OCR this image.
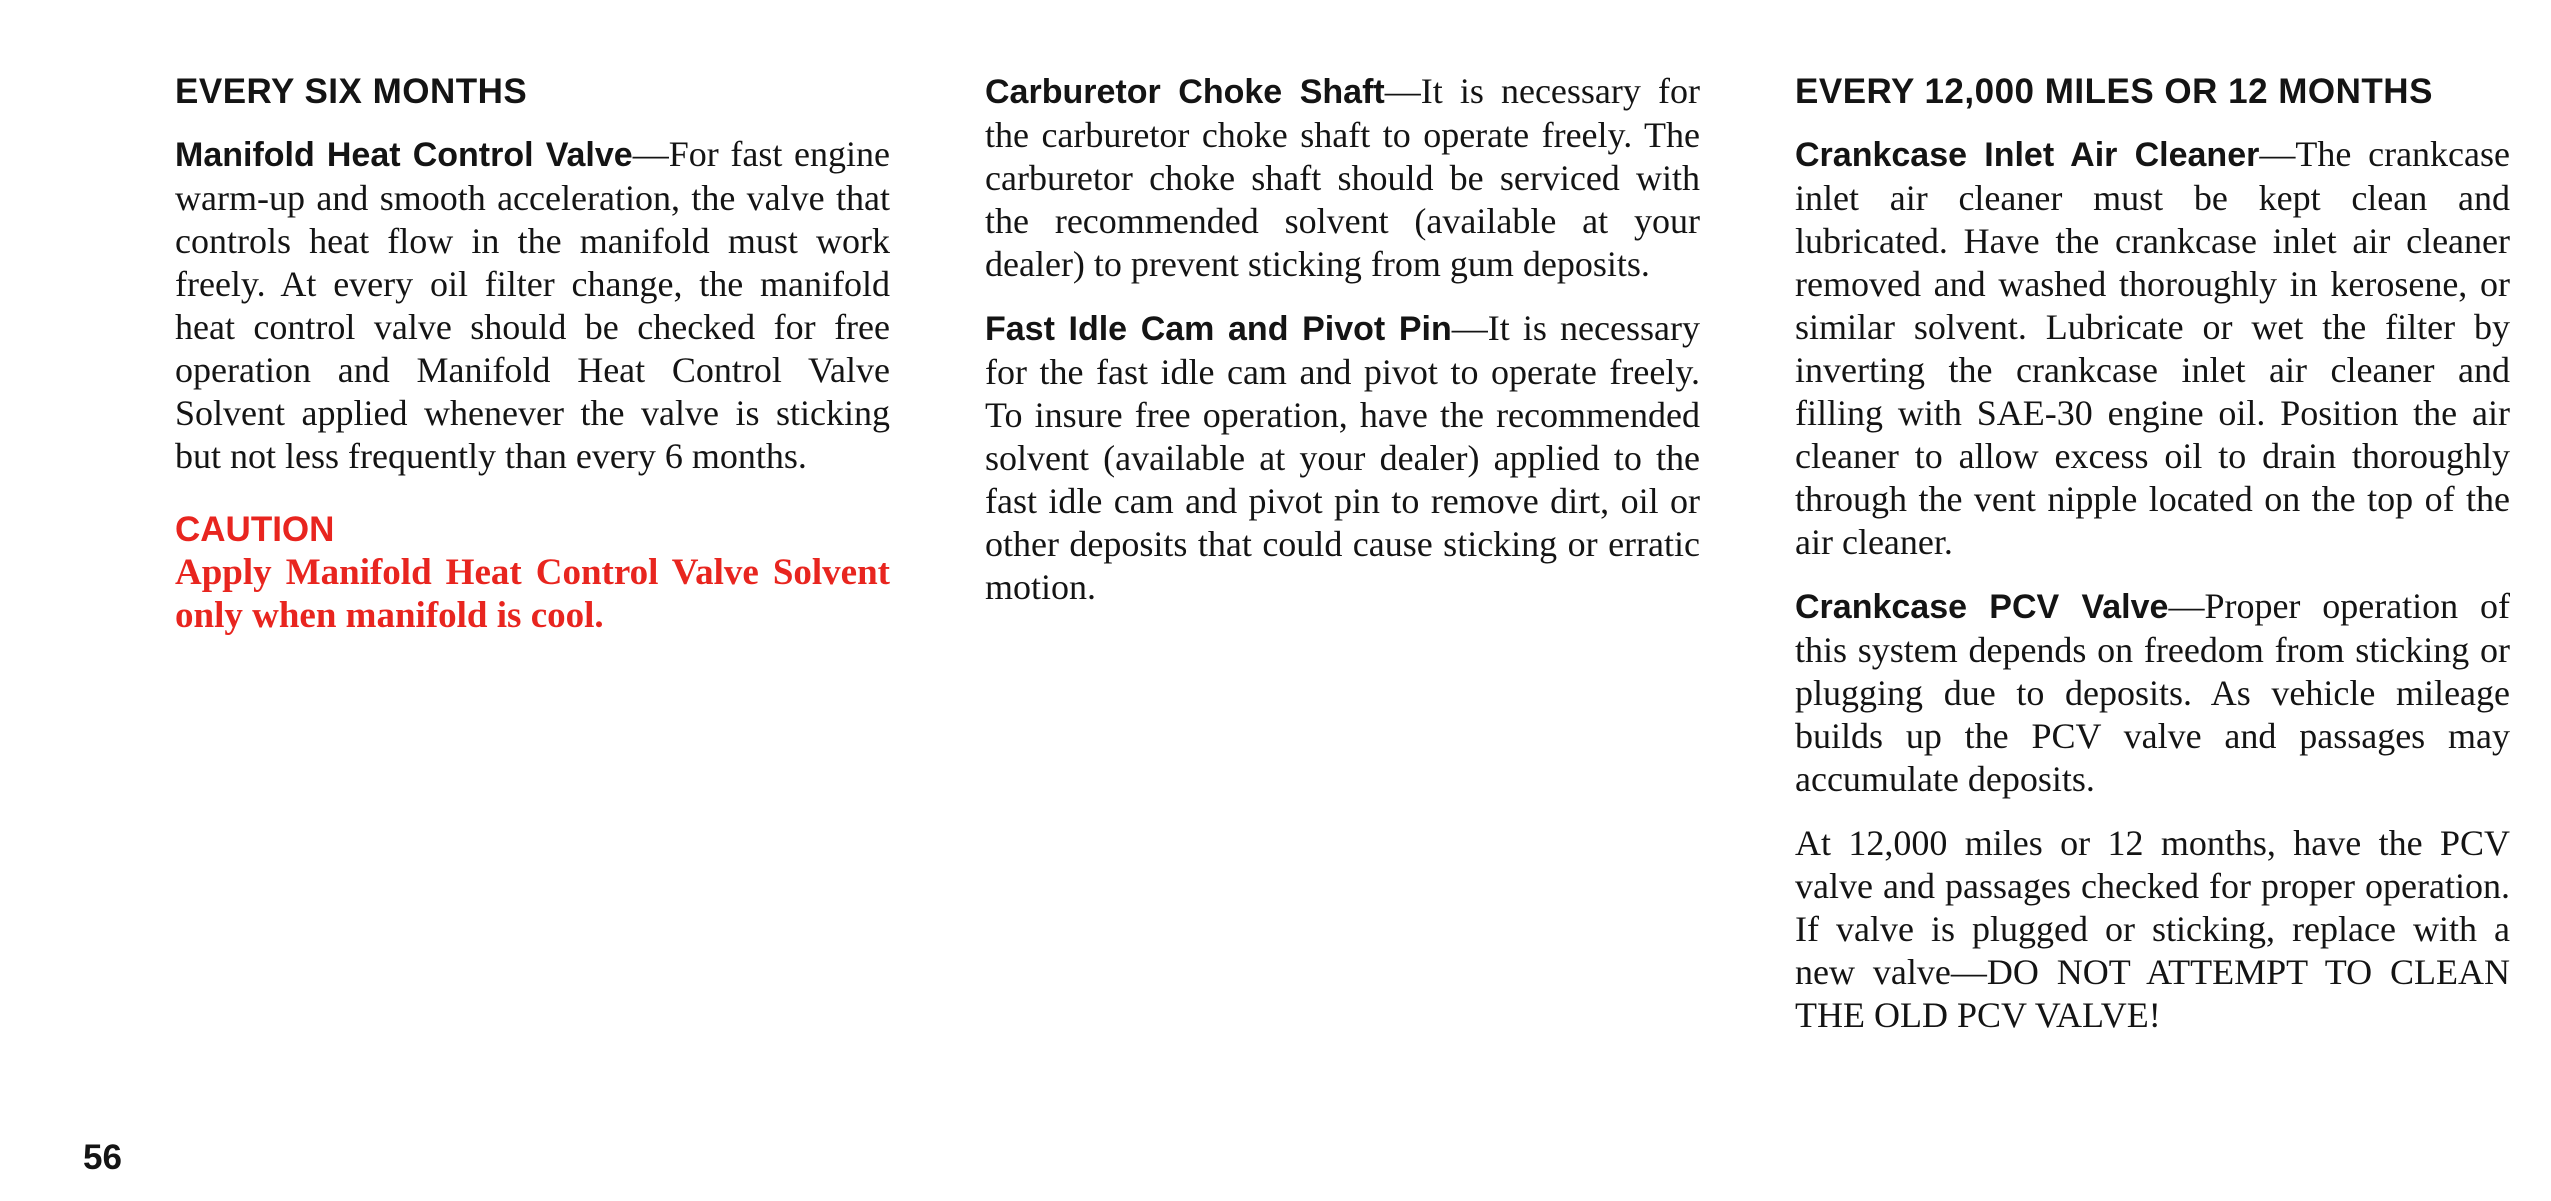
EVERY SIX MONTHS

Manifold Heat Control Valve—For fast engine warm-up and smooth acceleration, the valve that controls heat flow in the manifold must work freely. At every oil filter change, the manifold heat control valve should be checked for free operation and Manifold Heat Control Valve Solvent applied whenever the valve is sticking but not less frequently than every 6 months.

CAUTION

Apply Manifold Heat Control Valve Solvent only when manifold is cool.

Carburetor Choke Shaft—It is necessary for the carburetor choke shaft to operate freely. The carburetor choke shaft should be serviced with the recommended solvent (available at your dealer) to prevent sticking from gum deposits.

Fast Idle Cam and Pivot Pin—It is necessary for the fast idle cam and pivot to operate freely. To insure free operation, have the recommended solvent (available at your dealer) applied to the fast idle cam and pivot pin to remove dirt, oil or other deposits that could cause sticking or erratic motion.

EVERY 12,000 MILES OR 12 MONTHS

Crankcase Inlet Air Cleaner—The crankcase inlet air cleaner must be kept clean and lubricated. Have the crankcase inlet air cleaner removed and washed thoroughly in kerosene, or similar solvent. Lubricate or wet the filter by inverting the crankcase inlet air cleaner and filling with SAE-30 engine oil. Position the air cleaner to allow excess oil to drain thoroughly through the vent nipple located on the top of the air cleaner.

Crankcase PCV Valve—Proper operation of this system depends on freedom from sticking or plugging due to deposits. As vehicle mileage builds up the PCV valve and passages may accumulate deposits.

At 12,000 miles or 12 months, have the PCV valve and passages checked for proper operation. If valve is plugged or sticking, replace with a new valve—DO NOT ATTEMPT TO CLEAN THE OLD PCV VALVE!

56
